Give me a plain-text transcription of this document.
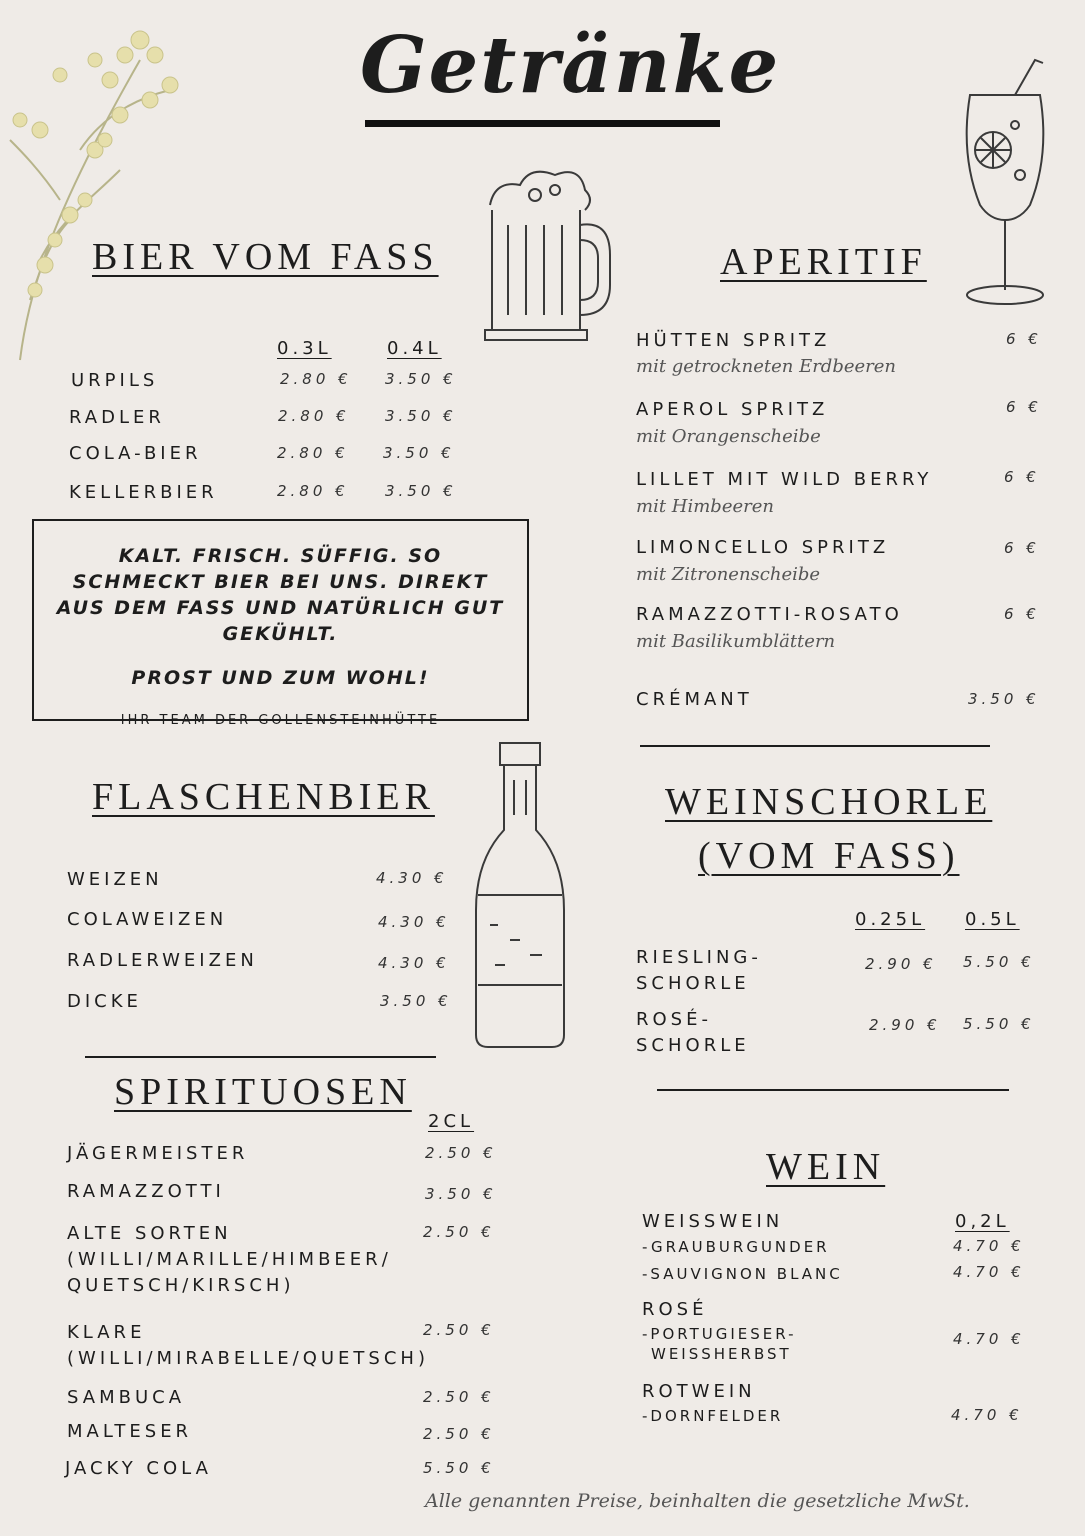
Getränke
BIER VOM FASS
0.3L	0.4L
URPILS	2.80 € 3.50 €
RADLER	2.80 € 3.50 €
COLA-BIER	2.80 € 3.50 €
KELLERBIER	2.80 € 3.50 €
KALT. FRISCH. SÜFFIG. SO SCHMECKT BIER BEI UNS. DIREKT AUS DEM FASS UND NATÜRLICH GUT GEKÜHLT.
PROST UND ZUM WOHL!
IHR TEAM DER GOLLENSTEINHÜTTE
FLASCHENBIER
WEIZEN	4.30 €
COLAWEIZEN	4.30 €
RADLERWEIZEN	4.30 €
DICKE	3.50 €
SPIRITUOSEN
2CL
JÄGERMEISTER	2.50 €
RAMAZZOTTI	3.50 €
ALTE SORTEN	2.50 €
(WILLI/MARILLE/HIMBEER/
QUETSCH/KIRSCH)
KLARE	2.50 €
(WILLI/MIRABELLE/QUETSCH)
SAMBUCA	2.50 €
MALTESER	2.50 €
JACKY COLA	5.50 €
APERITIF
HÜTTEN SPRITZ	6 €
mit getrockneten Erdbeeren
APEROL SPRITZ	6 €
mit Orangenscheibe
LILLET MIT WILD BERRY	6 €
mit Himbeeren
LIMONCELLO SPRITZ	6 €
mit Zitronenscheibe
RAMAZZOTTI-ROSATO	6 €
mit Basilikumblättern
CRÉMANT	3.50 €
WEINSCHORLE
(VOM FASS)
0.25L 0.5L
RIESLING-
SCHORLE
2.90 € 5.50 €
ROSÉ-
SCHORLE
2.90 € 5.50 €
WEIN
0,2L
WEISSWEIN
-GRAUBURGUNDER	4.70 €
-SAUVIGNON BLANC	4.70 €
ROSÉ
-PORTUGIESER-
WEISSHERBST
4.70 €
ROTWEIN
-DORNFELDER	4.70 €
Alle genannten Preise, beinhalten die gesetzliche MwSt.
